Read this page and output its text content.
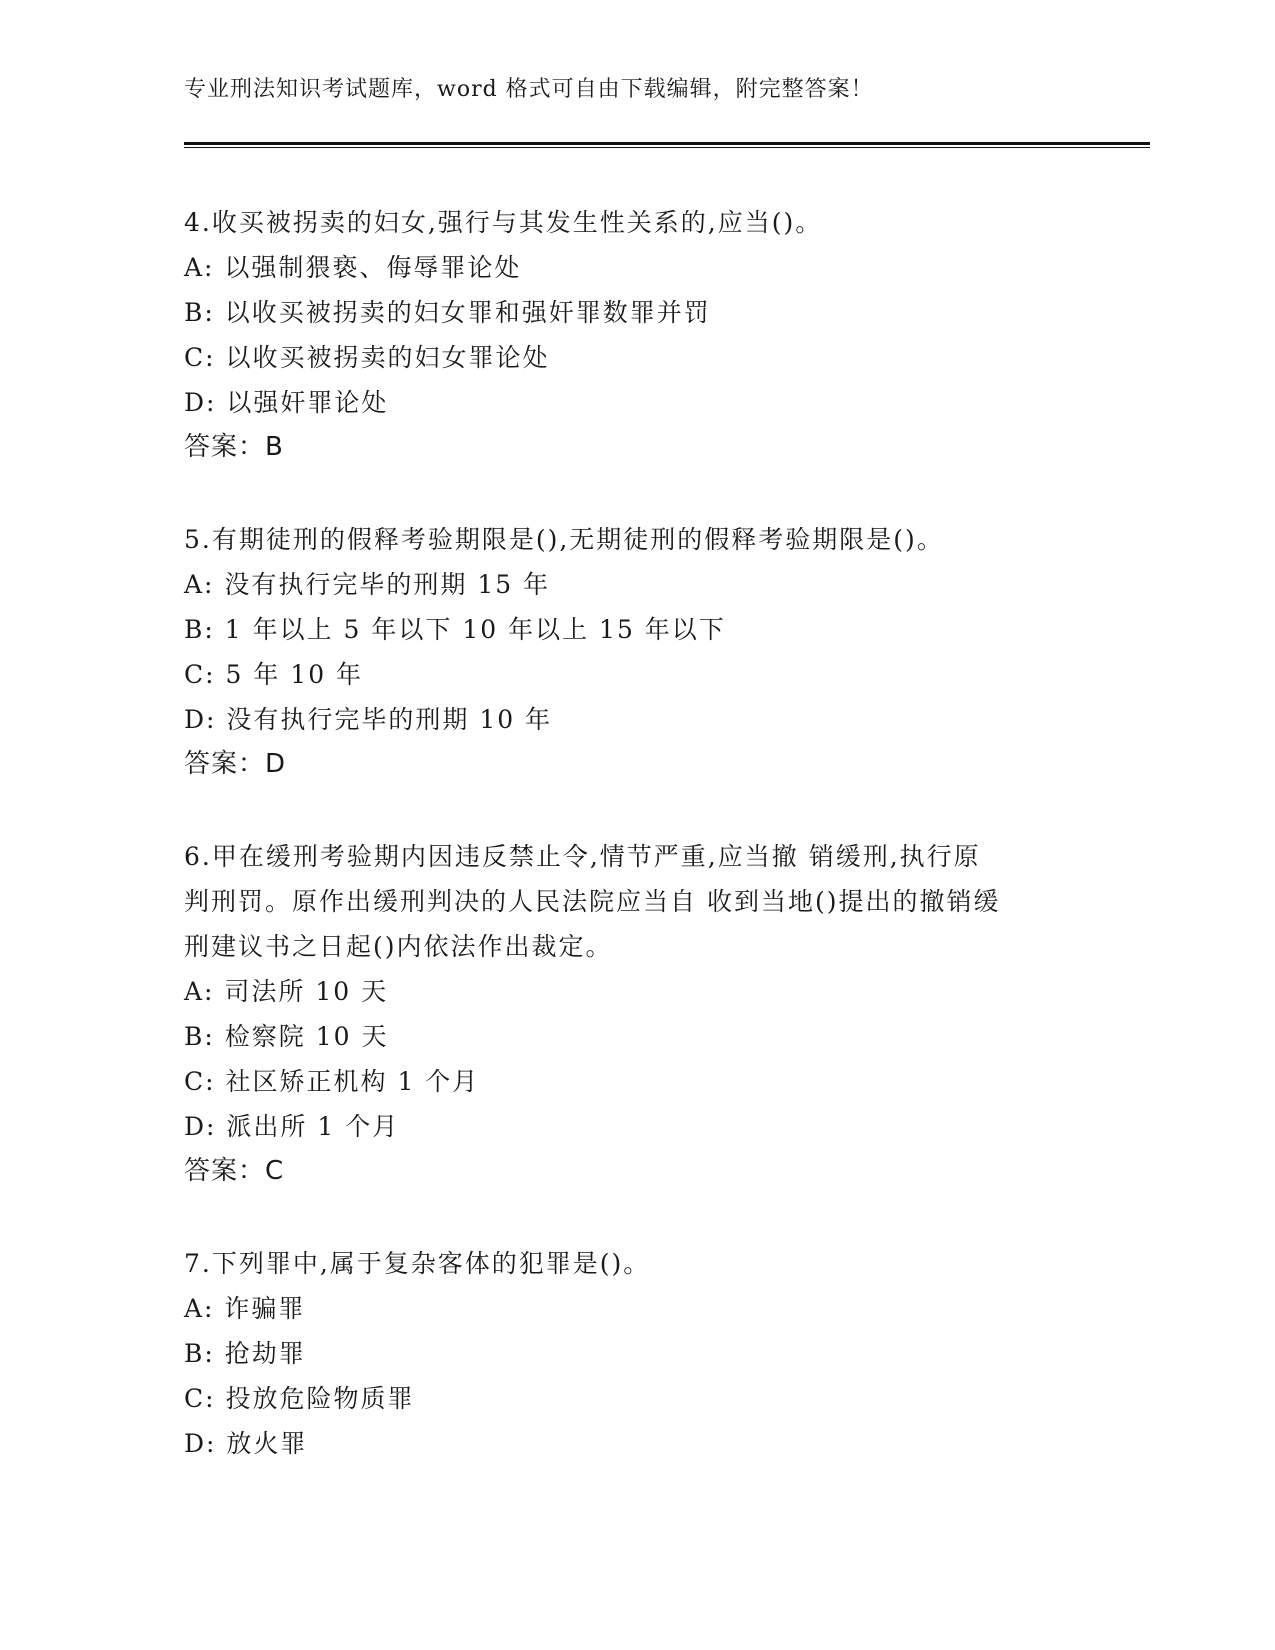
专业刑法知识考试题库，word 格式可自由下载编辑，附完整答案！
4.收买被拐卖的妇女,强行与其发生性关系的,应当()。
A: 以强制猥亵、侮辱罪论处
B: 以收买被拐卖的妇女罪和强奸罪数罪并罚
C: 以收买被拐卖的妇女罪论处
D: 以强奸罪论处
答案：B
5.有期徒刑的假释考验期限是(),无期徒刑的假释考验期限是()。
A: 没有执行完毕的刑期 15 年
B: 1 年以上 5 年以下 10 年以上 15 年以下
C: 5 年 10 年
D: 没有执行完毕的刑期 10 年
答案：D
6.甲在缓刑考验期内因违反禁止令,情节严重,应当撤 销缓刑,执行原
判刑罚。原作出缓刑判决的人民法院应当自 收到当地()提出的撤销缓
刑建议书之日起()内依法作出裁定。
A: 司法所 10 天
B: 检察院 10 天
C: 社区矫正机构 1 个月
D: 派出所 1 个月
答案：C
7.下列罪中,属于复杂客体的犯罪是()。
A: 诈骗罪
B: 抢劫罪
C: 投放危险物质罪
D: 放火罪
